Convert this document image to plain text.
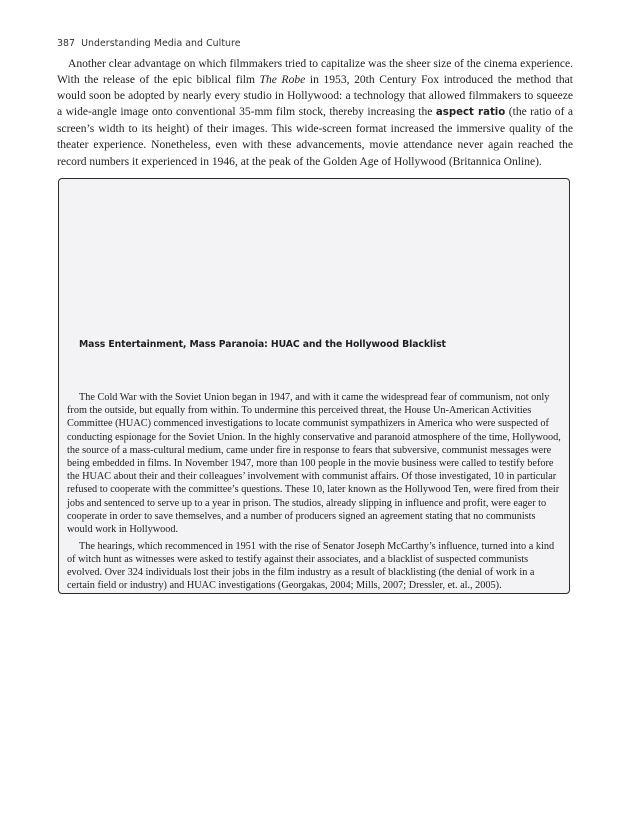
387 Understanding Media and Culture

Another clear advantage on which filmmakers tried to capitalize was the sheer size of the cinema experience. With the release of the epic biblical film The Robe in 1953, 20th Century Fox introduced the method that would soon be adopted by nearly every studio in Hollywood: a technology that allowed filmmakers to squeeze a wide-angle image onto conventional 35-mm film stock, thereby increasing the aspect ratio (the ratio of a screen’s width to its height) of their images. This wide-screen format increased the immersive quality of the theater experience. Nonetheless, even with these advancements, movie attendance never again reached the record numbers it experienced in 1946, at the peak of the Golden Age of Hollywood (Britannica Online).

Mass Entertainment, Mass Paranoia: HUAC and the Hollywood Blacklist

The Cold War with the Soviet Union began in 1947, and with it came the widespread fear of communism, not only from the outside, but equally from within. To undermine this perceived threat, the House Un-American Activities Committee (HUAC) commenced investigations to locate communist sympathizers in America who were suspected of conducting espionage for the Soviet Union. In the highly conservative and paranoid atmosphere of the time, Hollywood, the source of a mass-cultural medium, came under fire in response to fears that subversive, communist messages were being embedded in films. In November 1947, more than 100 people in the movie business were called to testify before the HUAC about their and their colleagues’ involvement with communist affairs. Of those investigated, 10 in particular refused to cooperate with the committee’s questions. These 10, later known as the Hollywood Ten, were fired from their jobs and sentenced to serve up to a year in prison. The studios, already slipping in influence and profit, were eager to cooperate in order to save themselves, and a number of producers signed an agreement stating that no communists would work in Hollywood.

The hearings, which recommenced in 1951 with the rise of Senator Joseph McCarthy’s influence, turned into a kind of witch hunt as witnesses were asked to testify against their associates, and a blacklist of suspected communists evolved. Over 324 individuals lost their jobs in the film industry as a result of blacklisting (the denial of work in a certain field or industry) and HUAC investigations (Georgakas, 2004; Mills, 2007; Dressler, et. al., 2005).
